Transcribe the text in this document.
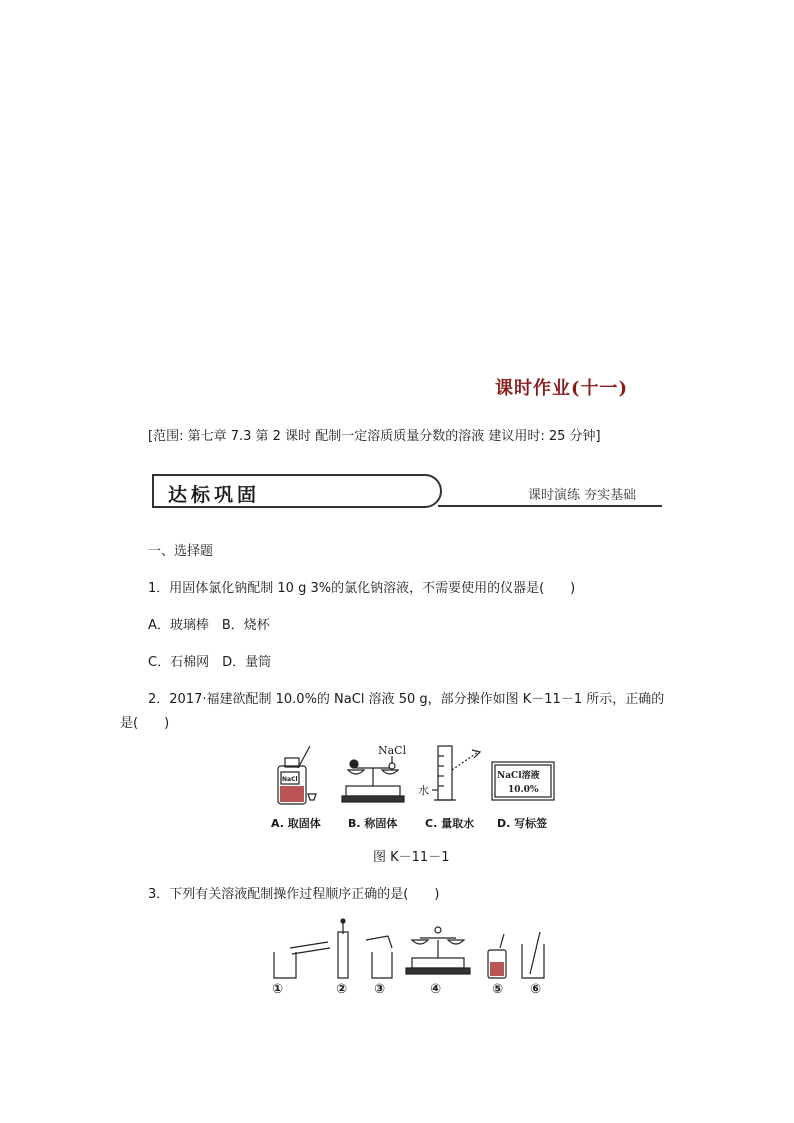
课时作业(十一)
[范围: 第七章 7.3 第 2 课时 配制一定溶质质量分数的溶液 建议用时: 25 分钟]
达标巩固	课时演练 夯实基础
一、选择题
1．用固体氯化钠配制 10 g 3%的氯化钠溶液，不需要使用的仪器是(　　)
A．玻璃棒　B．烧杯
C．石棉网　D．量筒
2．2017·福建欲配制 10.0%的 NaCl 溶液 50 g，部分操作如图 K－11－1 所示，正确的
是(　　)
NaCl
NaCl
水
NaCl溶液
10.0%
A. 取固体 B. 称固体	C. 量取水 D. 写标签
图 K－11－1
3．下列有关溶液配制操作过程顺序正确的是(　　)
①	② ③	④	⑤ ⑥
